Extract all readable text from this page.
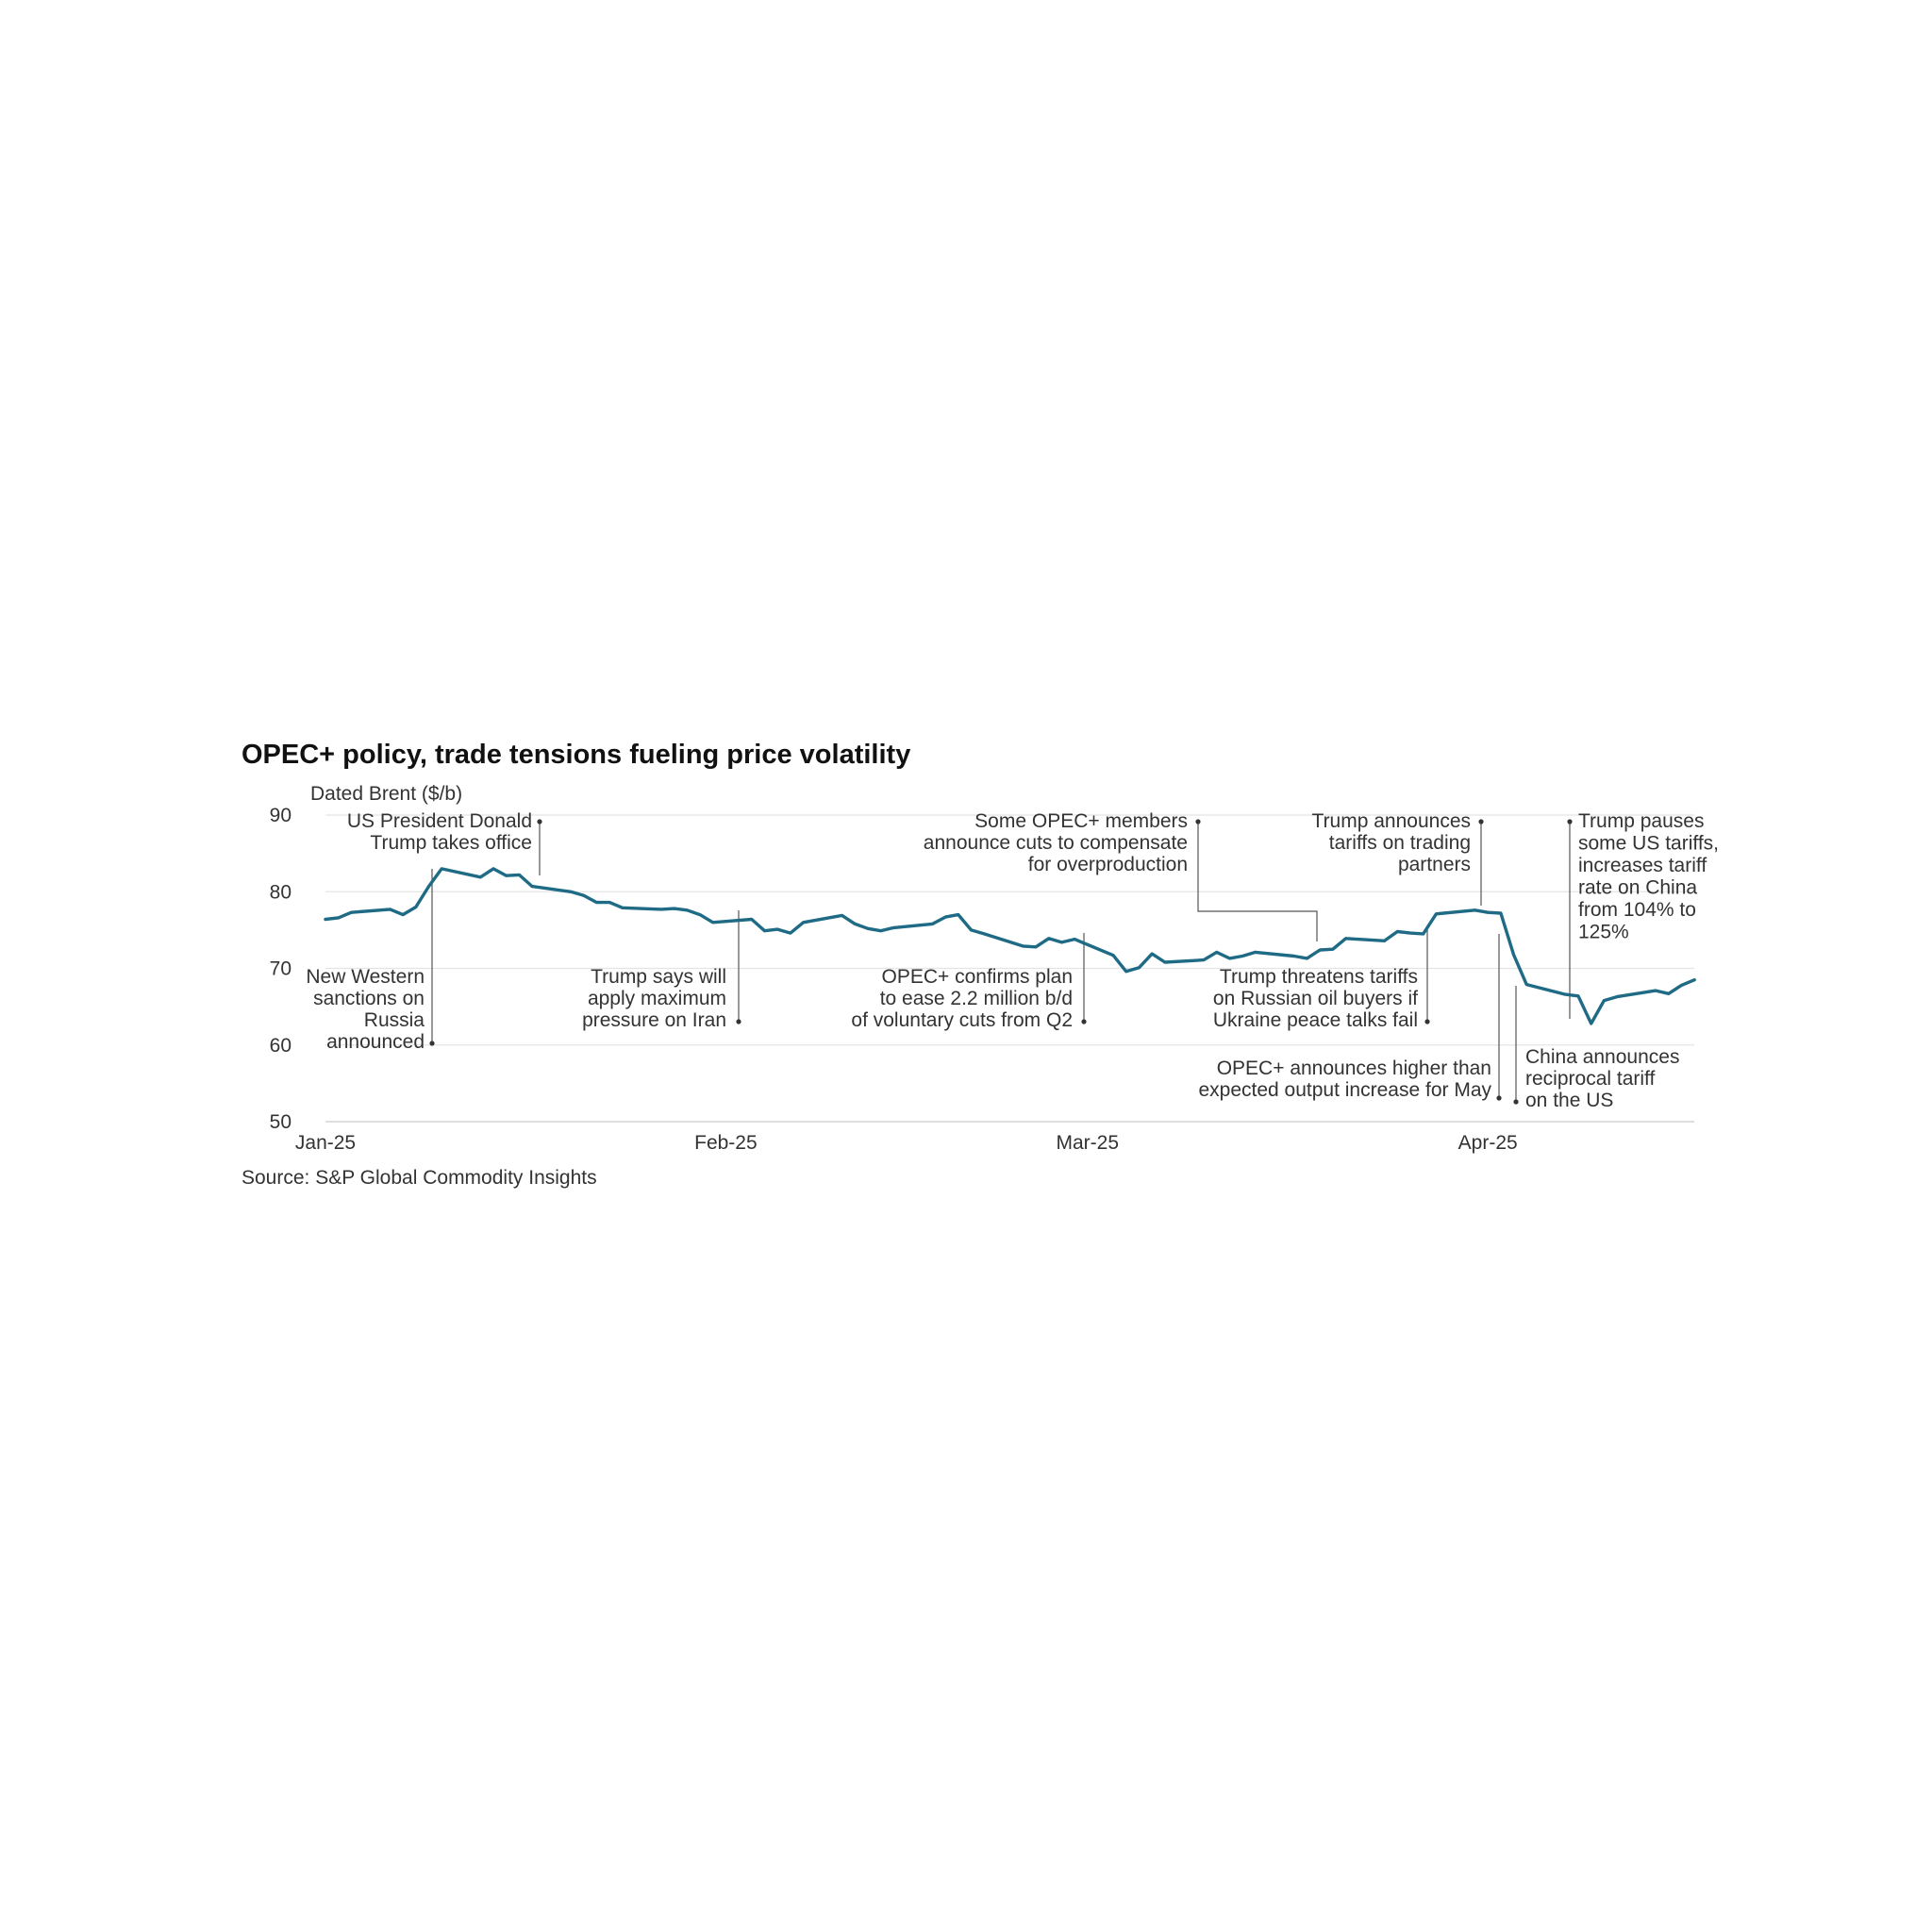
OPEC+ policy, trade tensions fueling price volatility
Dated Brent ($/b)
50
60
70
80
90
Jan-25	Feb-25	Mar-25	Apr-25
US President Donald Trump takes office
New Western sanctions on Russia announced
Trump says will apply maximum pressure on Iran
OPEC+ confirms plan to ease 2.2 million b/d of voluntary cuts from Q2
Some OPEC+ members announce cuts to compensate for overproduction
Trump threatens tariffs on Russian oil buyers if Ukraine peace talks fail
Trump announces tariffs on trading partners
OPEC+ announces higher than expected output increase for May
China announces reciprocal tariff on the US
Trump pauses some US tariffs, increases tariff rate on China from 104% to 125%
Source: S&P Global Commodity Insights
